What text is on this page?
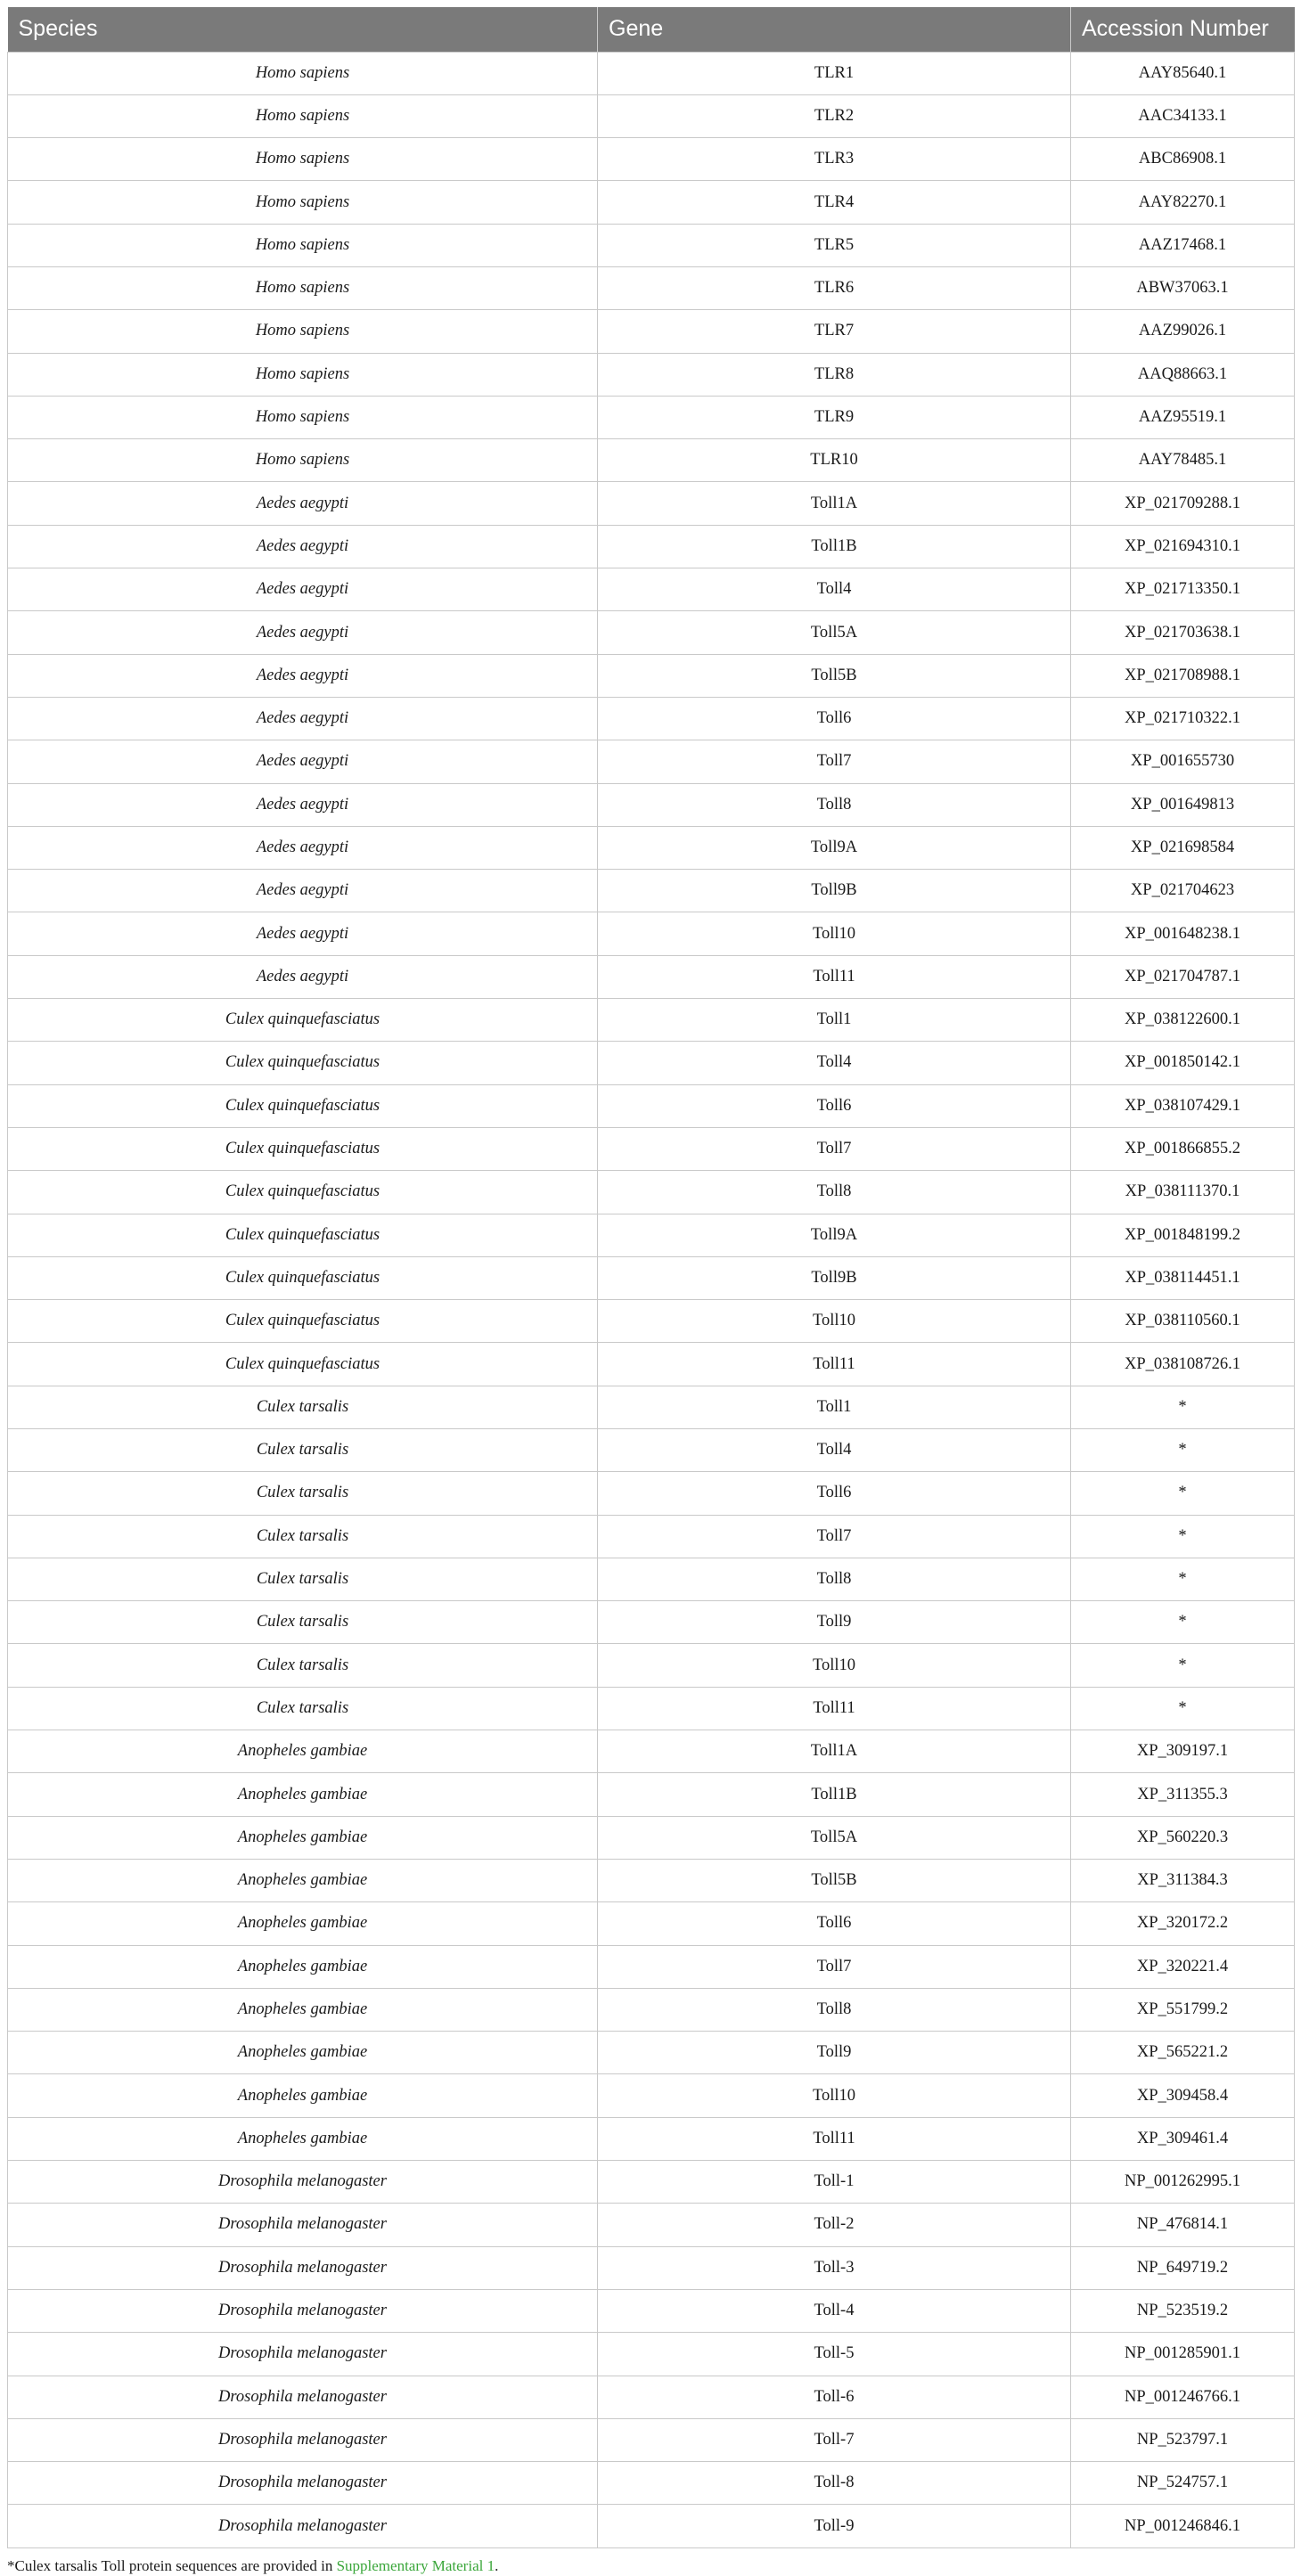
Species	Gene	Accession Number
Homo sapiens	TLR1	AAY85640.1
Homo sapiens	TLR2	AAC34133.1
Homo sapiens	TLR3	ABC86908.1
Homo sapiens	TLR4	AAY82270.1
Homo sapiens	TLR5	AAZ17468.1
Homo sapiens	TLR6	ABW37063.1
Homo sapiens	TLR7	AAZ99026.1
Homo sapiens	TLR8	AAQ88663.1
Homo sapiens	TLR9	AAZ95519.1
Homo sapiens	TLR10	AAY78485.1
Aedes aegypti	Toll1A	XP_021709288.1
Aedes aegypti	Toll1B	XP_021694310.1
Aedes aegypti	Toll4	XP_021713350.1
Aedes aegypti	Toll5A	XP_021703638.1
Aedes aegypti	Toll5B	XP_021708988.1
Aedes aegypti	Toll6	XP_021710322.1
Aedes aegypti	Toll7	XP_001655730
Aedes aegypti	Toll8	XP_001649813
Aedes aegypti	Toll9A	XP_021698584
Aedes aegypti	Toll9B	XP_021704623
Aedes aegypti	Toll10	XP_001648238.1
Aedes aegypti	Toll11	XP_021704787.1
Culex quinquefasciatus	Toll1	XP_038122600.1
Culex quinquefasciatus	Toll4	XP_001850142.1
Culex quinquefasciatus	Toll6	XP_038107429.1
Culex quinquefasciatus	Toll7	XP_001866855.2
Culex quinquefasciatus	Toll8	XP_038111370.1
Culex quinquefasciatus	Toll9A	XP_001848199.2
Culex quinquefasciatus	Toll9B	XP_038114451.1
Culex quinquefasciatus	Toll10	XP_038110560.1
Culex quinquefasciatus	Toll11	XP_038108726.1
Culex tarsalis	Toll1	*
Culex tarsalis	Toll4	*
Culex tarsalis	Toll6	*
Culex tarsalis	Toll7	*
Culex tarsalis	Toll8	*
Culex tarsalis	Toll9	*
Culex tarsalis	Toll10	*
Culex tarsalis	Toll11	*
Anopheles gambiae	Toll1A	XP_309197.1
Anopheles gambiae	Toll1B	XP_311355.3
Anopheles gambiae	Toll5A	XP_560220.3
Anopheles gambiae	Toll5B	XP_311384.3
Anopheles gambiae	Toll6	XP_320172.2
Anopheles gambiae	Toll7	XP_320221.4
Anopheles gambiae	Toll8	XP_551799.2
Anopheles gambiae	Toll9	XP_565221.2
Anopheles gambiae	Toll10	XP_309458.4
Anopheles gambiae	Toll11	XP_309461.4
Drosophila melanogaster	Toll-1	NP_001262995.1
Drosophila melanogaster	Toll-2	NP_476814.1
Drosophila melanogaster	Toll-3	NP_649719.2
Drosophila melanogaster	Toll-4	NP_523519.2
Drosophila melanogaster	Toll-5	NP_001285901.1
Drosophila melanogaster	Toll-6	NP_001246766.1
Drosophila melanogaster	Toll-7	NP_523797.1
Drosophila melanogaster	Toll-8	NP_524757.1
Drosophila melanogaster	Toll-9	NP_001246846.1
*Culex tarsalis Toll protein sequences are provided in Supplementary Material 1.
